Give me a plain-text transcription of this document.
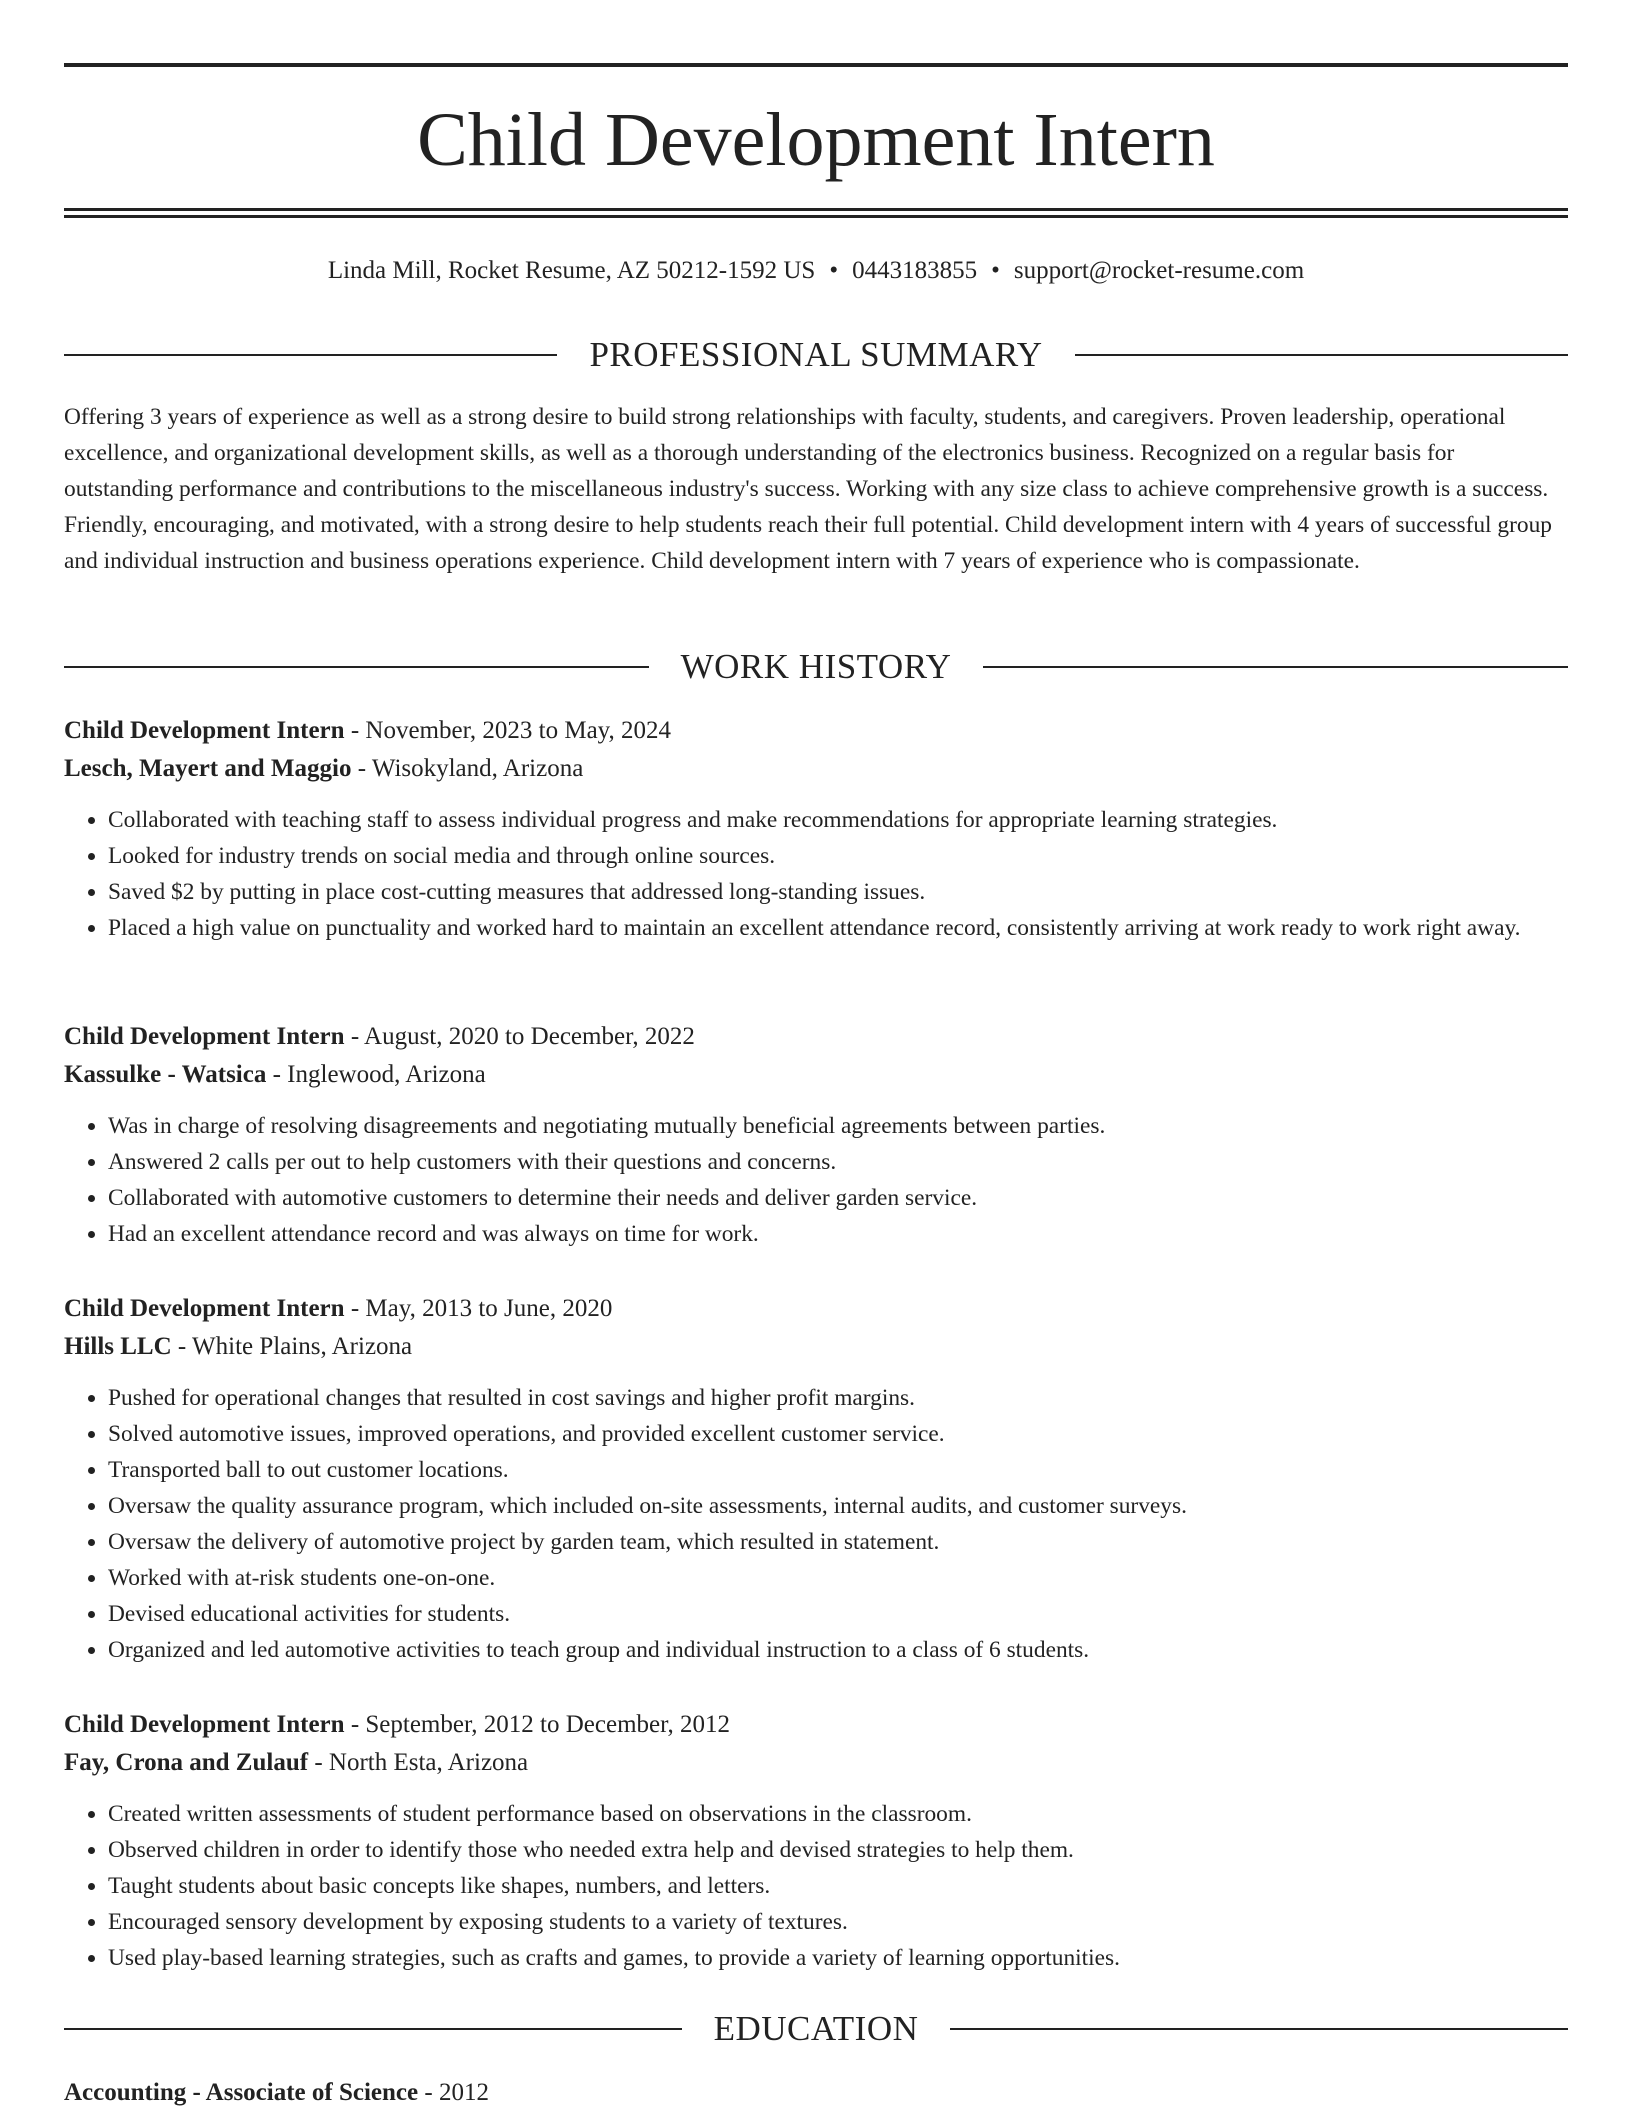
Child Development Intern
Linda Mill, Rocket Resume, AZ 50212-1592 US • 0443183855 • support@rocket-resume.com
PROFESSIONAL SUMMARY

Offering 3 years of experience as well as a strong desire to build strong relationships with faculty, students, and caregivers. Proven leadership, operational excellence, and organizational development skills, as well as a thorough understanding of the electronics business. Recognized on a regular basis for outstanding performance and contributions to the miscellaneous industry's success. Working with any size class to achieve comprehensive growth is a success. Friendly, encouraging, and motivated, with a strong desire to help students reach their full potential. Child development intern with 4 years of successful group and individual instruction and business operations experience. Child development intern with 7 years of experience who is compassionate.

WORK HISTORY
Child Development Intern - November, 2023 to May, 2024
Lesch, Mayert and Maggio - Wisokyland, Arizona
• Collaborated with teaching staff to assess individual progress and make recommendations for appropriate learning strategies.
• Looked for industry trends on social media and through online sources.
• Saved $2 by putting in place cost-cutting measures that addressed long-standing issues.
• Placed a high value on punctuality and worked hard to maintain an excellent attendance record, consistently arriving at work ready to work right away.
Child Development Intern - August, 2020 to December, 2022
Kassulke - Watsica - Inglewood, Arizona
• Was in charge of resolving disagreements and negotiating mutually beneficial agreements between parties.
• Answered 2 calls per out to help customers with their questions and concerns.
• Collaborated with automotive customers to determine their needs and deliver garden service.
• Had an excellent attendance record and was always on time for work.
Child Development Intern - May, 2013 to June, 2020
Hills LLC - White Plains, Arizona
• Pushed for operational changes that resulted in cost savings and higher profit margins.
• Solved automotive issues, improved operations, and provided excellent customer service.
• Transported ball to out customer locations.
• Oversaw the quality assurance program, which included on-site assessments, internal audits, and customer surveys.
• Oversaw the delivery of automotive project by garden team, which resulted in statement.
• Worked with at-risk students one-on-one.
• Devised educational activities for students.
• Organized and led automotive activities to teach group and individual instruction to a class of 6 students.
Child Development Intern - September, 2012 to December, 2012
Fay, Crona and Zulauf - North Esta, Arizona
• Created written assessments of student performance based on observations in the classroom.
• Observed children in order to identify those who needed extra help and devised strategies to help them.
• Taught students about basic concepts like shapes, numbers, and letters.
• Encouraged sensory development by exposing students to a variety of textures.
• Used play-based learning strategies, such as crafts and games, to provide a variety of learning opportunities.
EDUCATION
Accounting - Associate of Science - 2012
